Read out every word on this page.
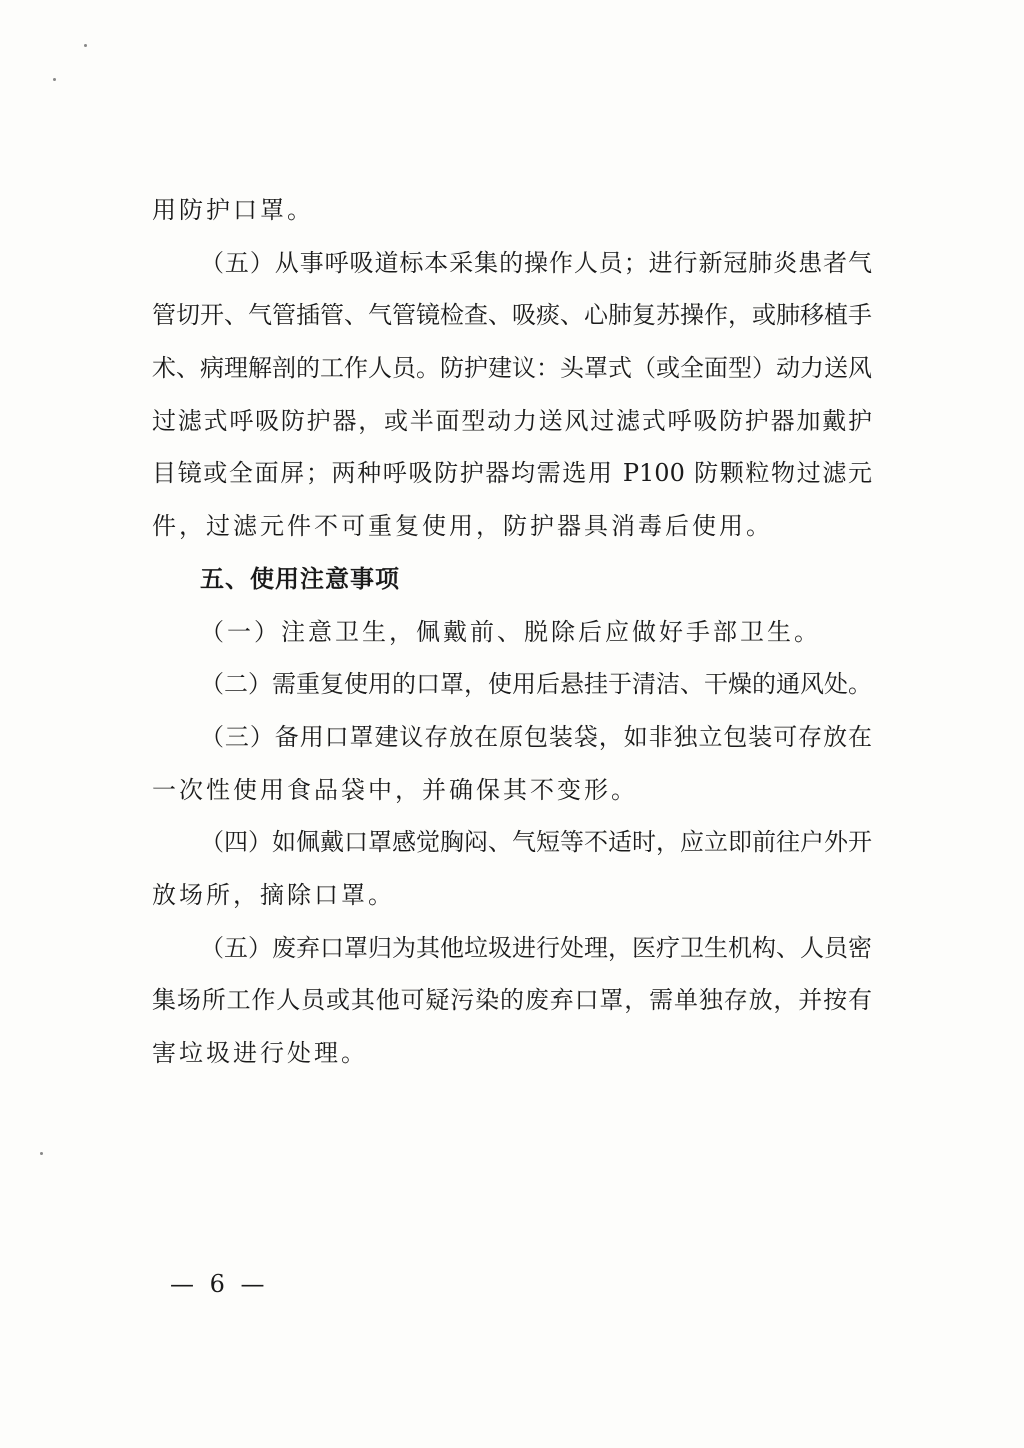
用防护口罩。
（五）从事呼吸道标本采集的操作人员；进行新冠肺炎患者气
管切开、气管插管、气管镜检查、吸痰、心肺复苏操作，或肺移植手
术、病理解剖的工作人员。防护建议：头罩式（或全面型）动力送风
过滤式呼吸防护器，或半面型动力送风过滤式呼吸防护器加戴护
目镜或全面屏；两种呼吸防护器均需选用 P100 防颗粒物过滤元
件，过滤元件不可重复使用，防护器具消毒后使用。
五、使用注意事项
（一）注意卫生，佩戴前、脱除后应做好手部卫生。
（二）需重复使用的口罩，使用后悬挂于清洁、干燥的通风处。
（三）备用口罩建议存放在原包装袋，如非独立包装可存放在
一次性使用食品袋中，并确保其不变形。
（四）如佩戴口罩感觉胸闷、气短等不适时，应立即前往户外开
放场所，摘除口罩。
（五）废弃口罩归为其他垃圾进行处理，医疗卫生机构、人员密
集场所工作人员或其他可疑污染的废弃口罩，需单独存放，并按有
害垃圾进行处理。
— 6 —
